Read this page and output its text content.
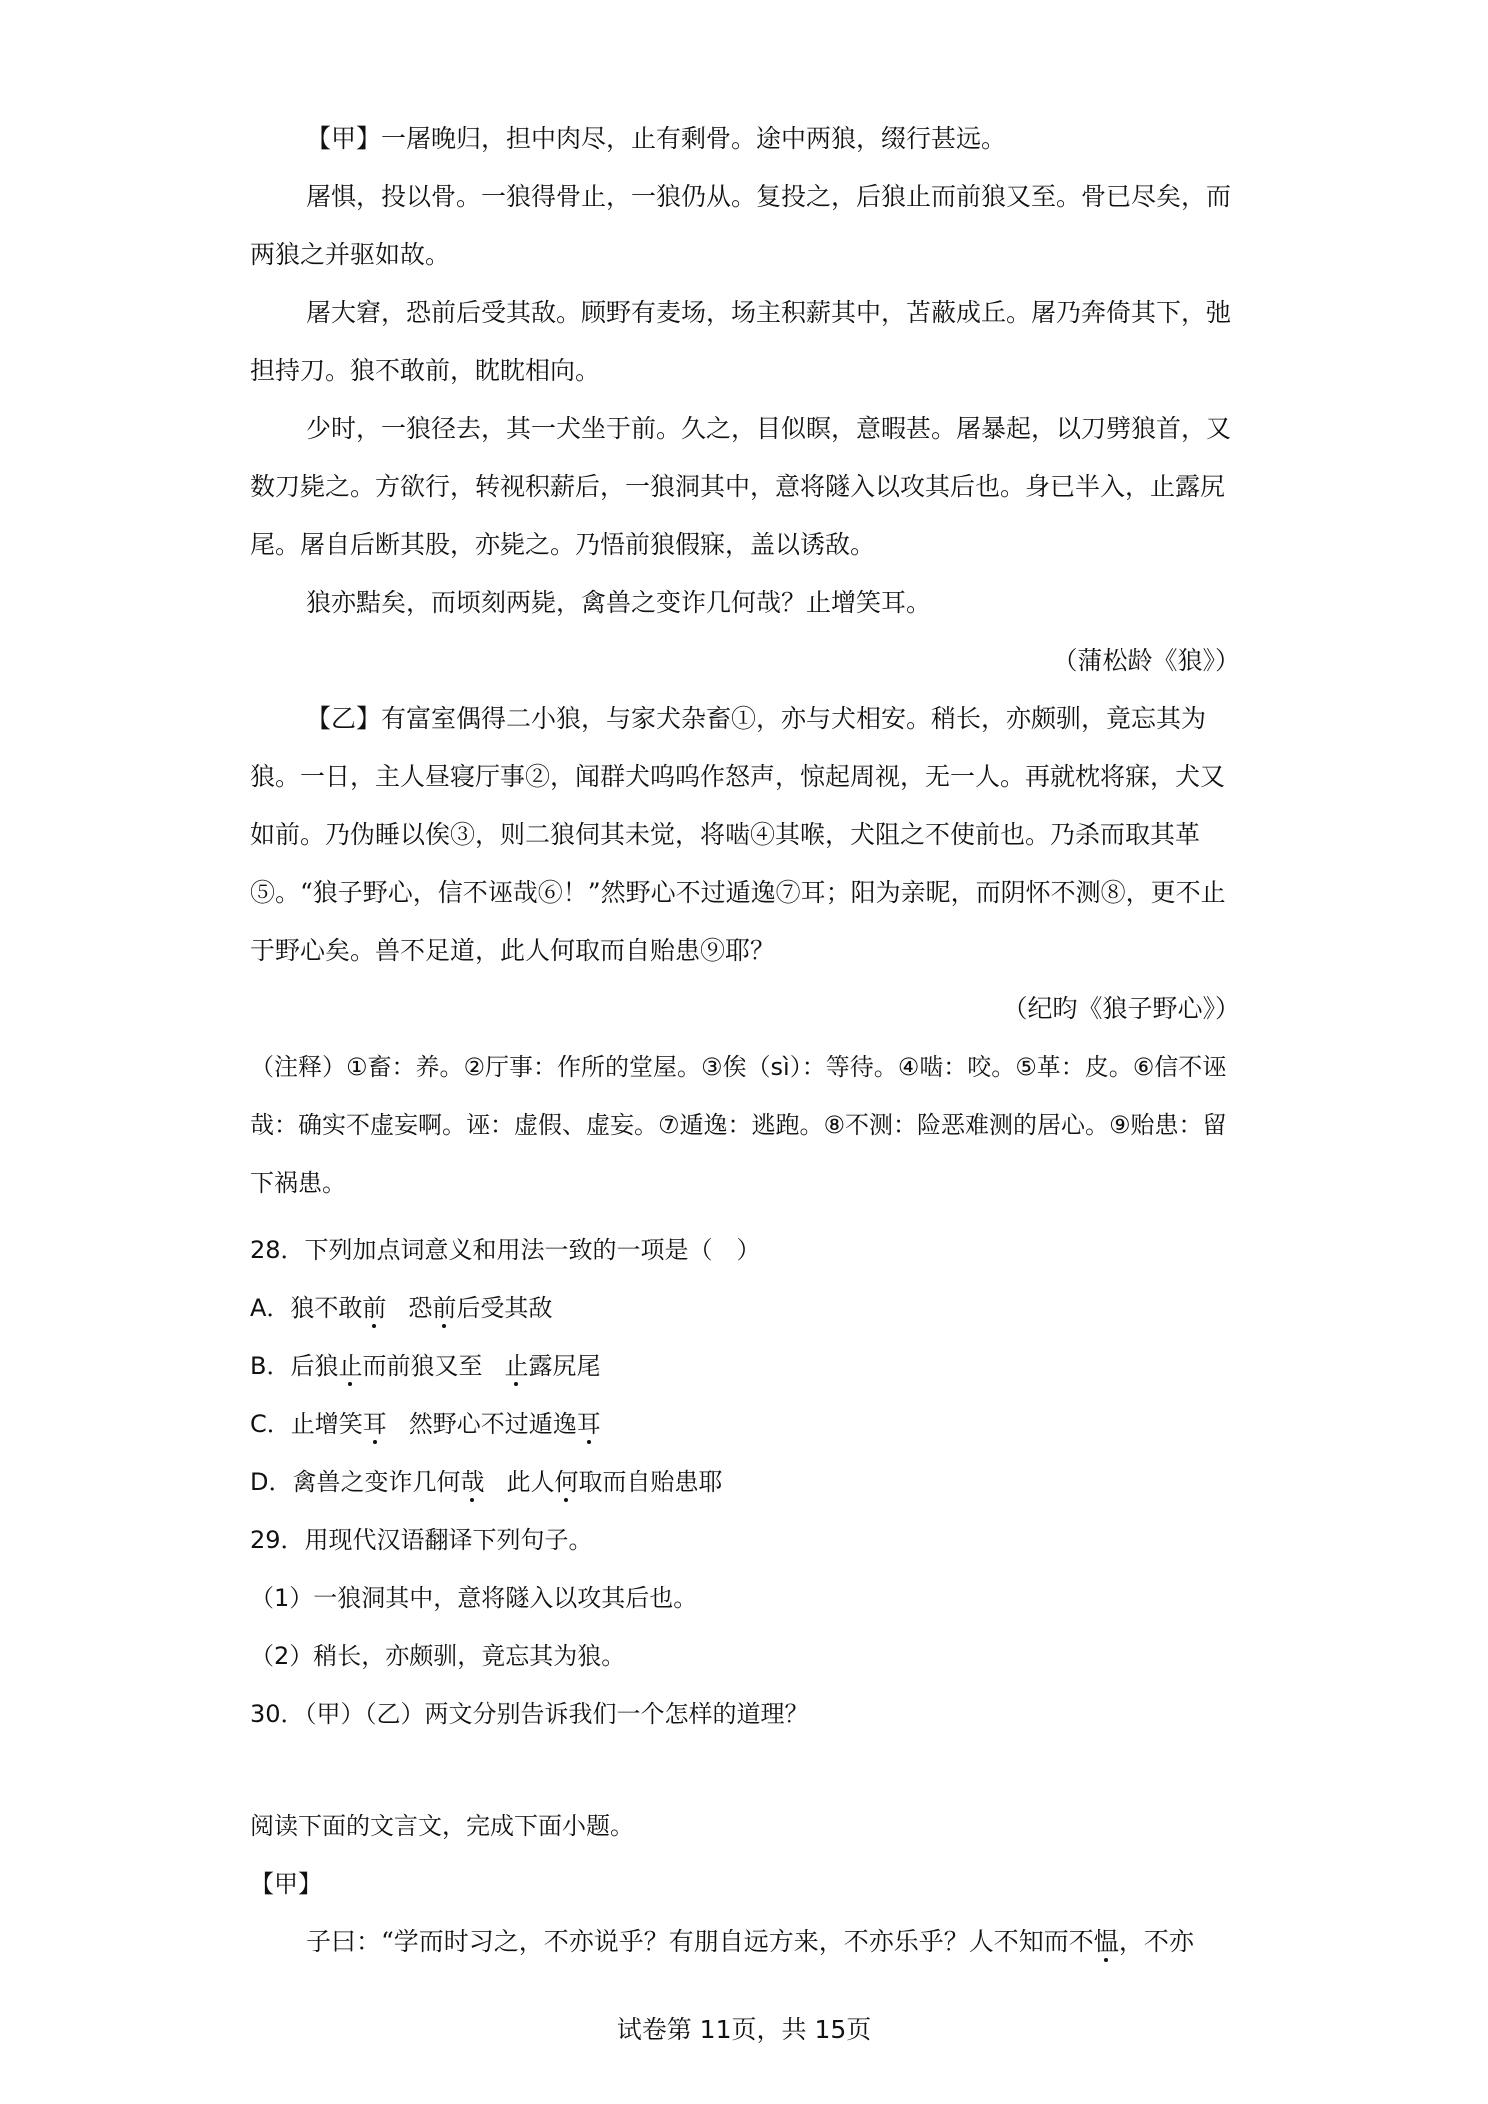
【甲】一屠晚归，担中肉尽，止有剩骨。途中两狼，缀行甚远。
屠惧，投以骨。一狼得骨止，一狼仍从。复投之，后狼止而前狼又至。骨已尽矣，而两狼之并驱如故。
屠大窘，恐前后受其敌。顾野有麦场，场主积薪其中，苫蔽成丘。屠乃奔倚其下，弛担持刀。狼不敢前，眈眈相向。
少时，一狼径去，其一犬坐于前。久之，目似瞑，意暇甚。屠暴起，以刀劈狼首，又数刀毙之。方欲行，转视积薪后，一狼洞其中，意将隧入以攻其后也。身已半入，止露尻尾。屠自后断其股，亦毙之。乃悟前狼假寐，盖以诱敌。
狼亦黠矣，而顷刻两毙，禽兽之变诈几何哉？止增笑耳。
（蒲松龄《狼》）
【乙】有富室偶得二小狼，与家犬杂畜①，亦与犬相安。稍长，亦颇驯，竟忘其为狼。一日，主人昼寝厅事②，闻群犬呜呜作怒声，惊起周视，无一人。再就枕将寐，犬又如前。乃伪睡以俟③，则二狼伺其未觉，将啮④其喉，犬阻之不使前也。乃杀而取其革⑤。“狼子野心，信不诬哉⑥！”然野心不过遁逸⑦耳；阳为亲昵，而阴怀不测⑧，更不止于野心矣。兽不足道，此人何取而自贻患⑨耶？
（纪昀《狼子野心》）
（注释）①畜：养。②厅事：作所的堂屋。③俟（sì）：等待。④啮：咬。⑤革：皮。⑥信不诬哉：确实不虚妄啊。诬：虚假、虚妄。⑦遁逸：逃跑。⑧不测：险恶难测的居心。⑨贻患：留下祸患。
28．下列加点词意义和用法一致的一项是（　）
A．狼不敢前 恐前后受其敌
B．后狼止而前狼又至 止露尻尾
C．止增笑耳 然野心不过遁逸耳
D．禽兽之变诈几何哉 此人何取而自贻患耶
29．用现代汉语翻译下列句子。
（1）一狼洞其中，意将隧入以攻其后也。
（2）稍长，亦颇驯，竟忘其为狼。
30．（甲）（乙）两文分别告诉我们一个怎样的道理？
阅读下面的文言文，完成下面小题。
【甲】
子曰：“学而时习之，不亦说乎？有朋自远方来，不亦乐乎？人不知而不愠，不亦
试卷第 11页，共 15页
